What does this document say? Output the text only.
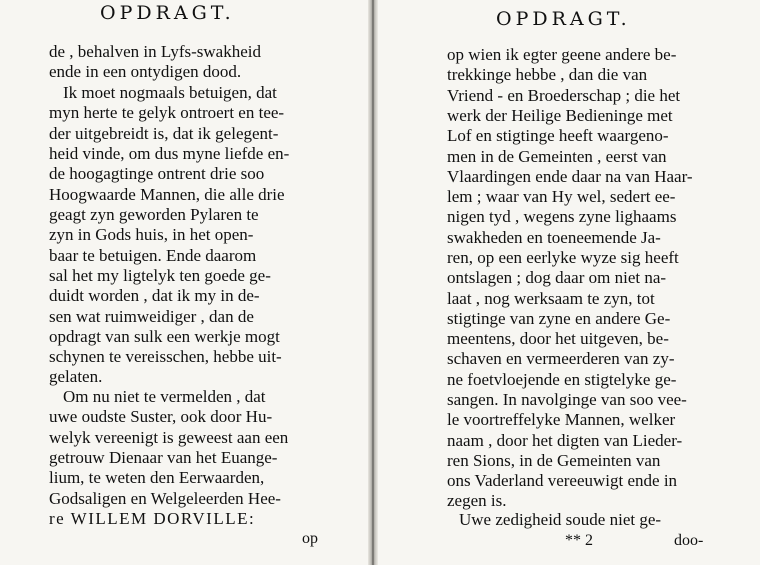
OPDRAGT.
de , behalven in Lyfs-swakheid
ende in een ontydigen dood.
Ik moet nogmaals betuigen, dat
myn herte te gelyk ontroert en tee-
der uitgebreidt is, dat ik gelegent-
heid vinde, om dus myne liefde en-
de hoogagtinge ontrent drie soo
Hoogwaarde Mannen, die alle drie
geagt zyn geworden Pylaren te
zyn in Gods huis, in het open-
baar te betuigen. Ende daarom
sal het my ligtelyk ten goede ge-
duidt worden , dat ik my in de-
sen wat ruimweidiger , dan de
opdragt van sulk een werkje mogt
schynen te vereisschen, hebbe uit-
gelaten.
Om nu niet te vermelden , dat
uwe oudste Suster, ook door Hu-
welyk vereenigt is geweest aan een
getrouw Dienaar van het Euange-
lium, te weten den Eerwaarden,
Godsaligen en Welgeleerden Hee-
re WILLEM DORVILLE:
op
OPDRAGT.
op wien ik egter geene andere be-
trekkinge hebbe , dan die van
Vriend - en Broederschap ; die het
werk der Heilige Bedieninge met
Lof en stigtinge heeft waargeno-
men in de Gemeinten , eerst van
Vlaardingen ende daar na van Haar-
lem ; waar van Hy wel, sedert ee-
nigen tyd , wegens zyne lighaams
swakheden en toeneemende Ja-
ren, op een eerlyke wyze sig heeft
ontslagen ; dog daar om niet na-
laat , nog werksaam te zyn, tot
stigtinge van zyne en andere Ge-
meentens, door het uitgeven, be-
schaven en vermeerderen van zy-
ne foetvloejende en stigtelyke ge-
sangen. In navolginge van soo vee-
le voortreffelyke Mannen, welker
naam , door het digten van Lieder-
ren Sions, in de Gemeinten van
ons Vaderland vereeuwigt ende in
zegen is.
Uwe zedigheid soude niet ge-
** 2	doo-
